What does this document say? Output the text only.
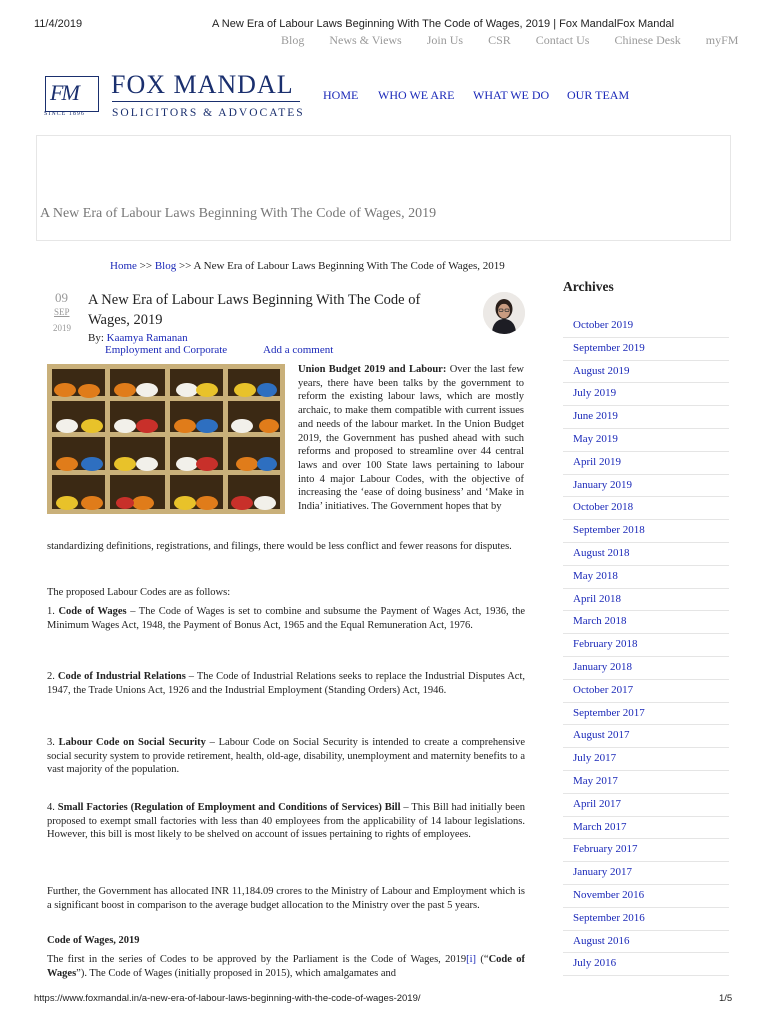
11/4/2019	A New Era of Labour Laws Beginning With The Code of Wages, 2019 | Fox MandalFox Mandal
Blog News & Views Join Us CSR Contact Us Chinese Desk myFM
FM
SINCE 1896
FOX MANDAL
SOLICITORS & ADVOCATES
HOME WHO WE ARE WHAT WE DO OUR TEAM
A New Era of Labour Laws Beginning With The Code of Wages, 2019
Home >> Blog >> A New Era of Labour Laws Beginning With The Code of Wages, 2019
09
SEP
2019
A New Era of Labour Laws Beginning With The Code of Wages, 2019
By: Kaamya Ramanan
Employment and Corporate	Add a comment
Union Budget 2019 and Labour: Over the last few years, there have been talks by the government to reform the existing labour laws, which are mostly archaic, to make them compatible with current issues and needs of the labour market. In the Union Budget 2019, the Government has pushed ahead with such reforms and proposed to streamline over 44 central laws and over 100 State laws pertaining to labour into 4 major Labour Codes, with the objective of increasing the ‘ease of doing business’ and ‘Make in India’ initiatives. The Government hopes that by
standardizing definitions, registrations, and filings, there would be less conflict and fewer reasons for disputes.
The proposed Labour Codes are as follows:
1. Code of Wages – The Code of Wages is set to combine and subsume the Payment of Wages Act, 1936, the Minimum Wages Act, 1948, the Payment of Bonus Act, 1965 and the Equal Remuneration Act, 1976.
2. Code of Industrial Relations – The Code of Industrial Relations seeks to replace the Industrial Disputes Act, 1947, the Trade Unions Act, 1926 and the Industrial Employment (Standing Orders) Act, 1946.
3. Labour Code on Social Security – Labour Code on Social Security is intended to create a comprehensive social security system to provide retirement, health, old-age, disability, unemployment and maternity benefits to a vast majority of the population.
4. Small Factories (Regulation of Employment and Conditions of Services) Bill – This Bill had initially been proposed to exempt small factories with less than 40 employees from the applicability of 14 labour legislations. However, this bill is most likely to be shelved on account of issues pertaining to rights of employees.
Further, the Government has allocated INR 11,184.09 crores to the Ministry of Labour and Employment which is a significant boost in comparison to the average budget allocation to the Ministry over the past 5 years.
Code of Wages, 2019
The first in the series of Codes to be approved by the Parliament is the Code of Wages, 2019[i] (“Code of Wages”). The Code of Wages (initially proposed in 2015), which amalgamates and
Archives
October 2019
September 2019
August 2019
July 2019
June 2019
May 2019
April 2019
January 2019
October 2018
September 2018
August 2018
May 2018
April 2018
March 2018
February 2018
January 2018
October 2017
September 2017
August 2017
July 2017
May 2017
April 2017
March 2017
February 2017
January 2017
November 2016
September 2016
August 2016
July 2016
https://www.foxmandal.in/a-new-era-of-labour-laws-beginning-with-the-code-of-wages-2019/	1/5
